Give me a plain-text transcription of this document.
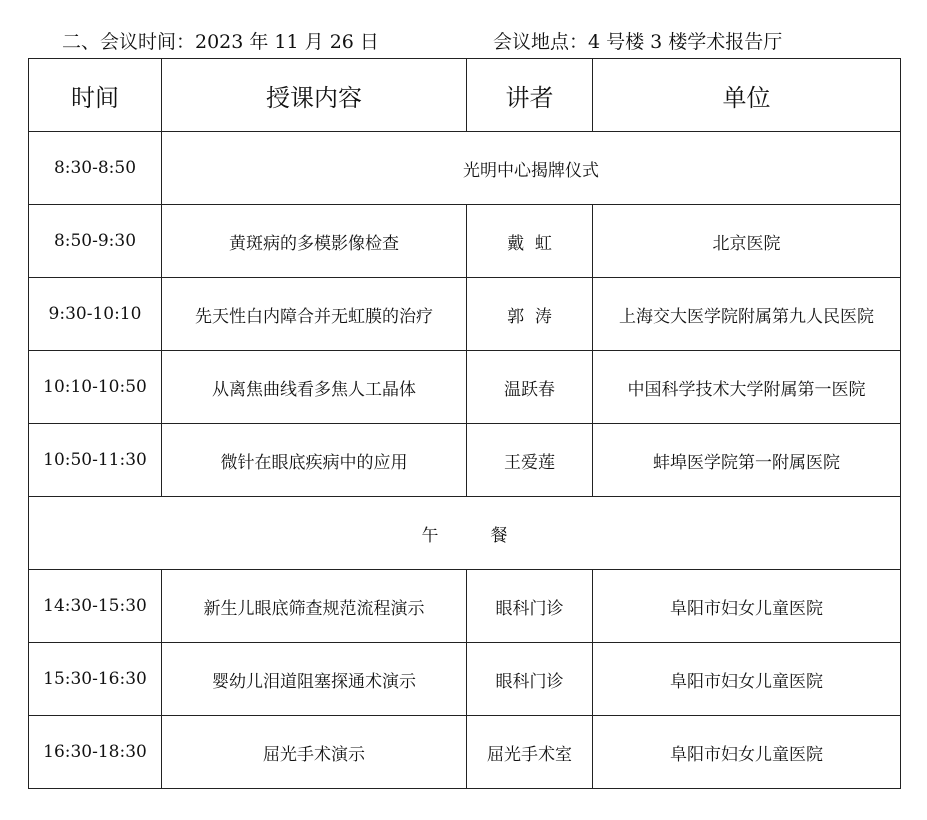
二、会议时间：2023 年 11 月 26 日	会议地点：4 号楼 3 楼学术报告厅
时间	授课内容	讲者	单位
8:30-8:50	光明中心揭牌仪式		
8:50-9:30	黄斑病的多模影像检查	戴  虹	北京医院
9:30-10:10	先天性白内障合并无虹膜的治疗	郭  涛	上海交大医学院附属第九人民医院
10:10-10:50	从离焦曲线看多焦人工晶体	温跃春	中国科学技术大学附属第一医院
10:50-11:30	微针在眼底疾病中的应用	王爱莲	蚌埠医学院第一附属医院
午 餐			
14:30-15:30	新生儿眼底筛查规范流程演示	眼科门诊	阜阳市妇女儿童医院
15:30-16:30	婴幼儿泪道阻塞探通术演示	眼科门诊	阜阳市妇女儿童医院
16:30-18:30	屈光手术演示	屈光手术室	阜阳市妇女儿童医院
